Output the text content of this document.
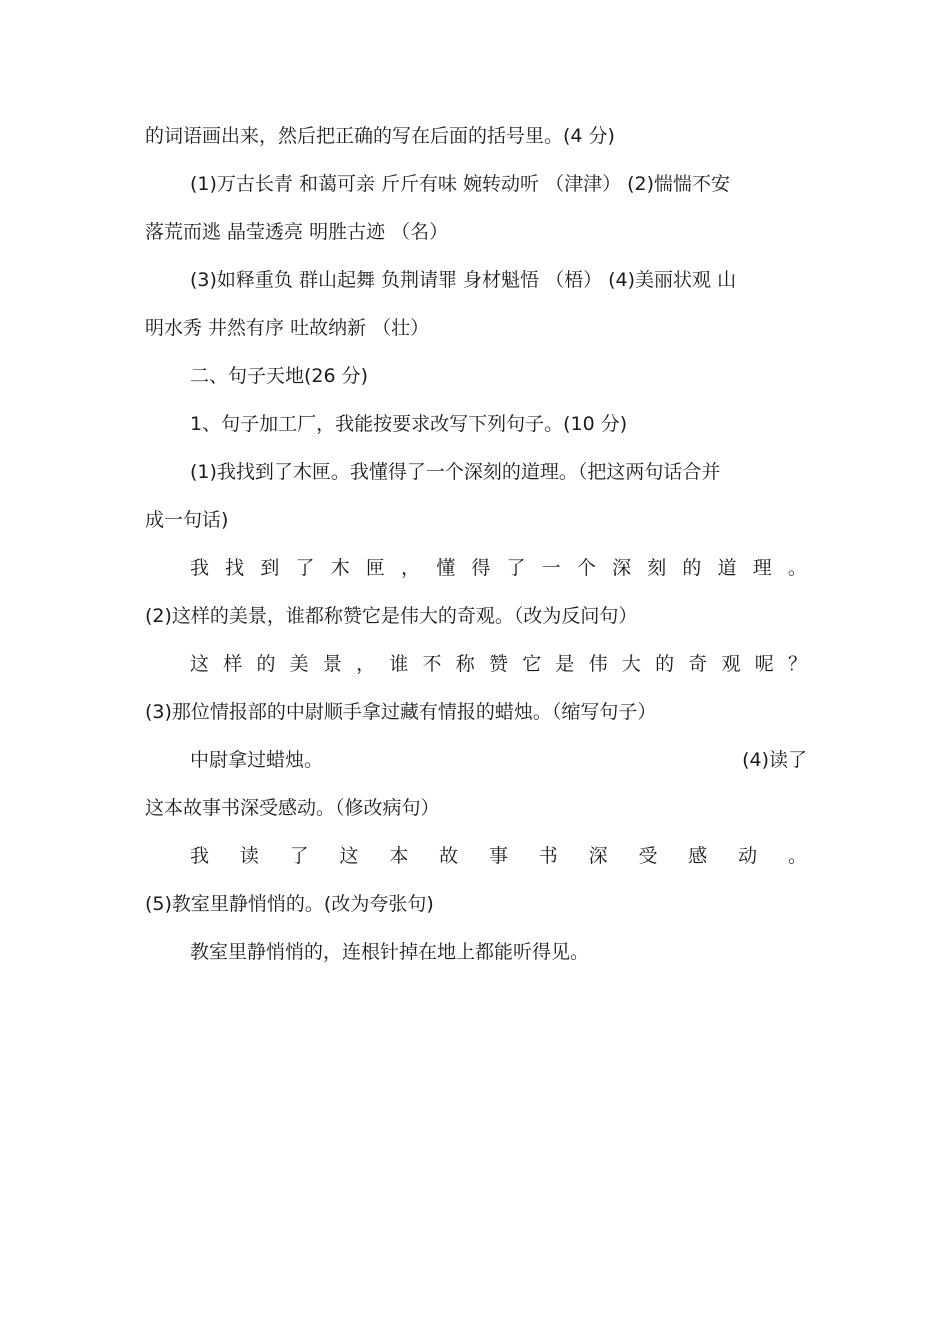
的词语画出来，然后把正确的写在后面的括号里。(4 分)
(1)万古长青 和蔼可亲 斤斤有味 婉转动听 （津津） (2)惴惴不安
落荒而逃 晶莹透亮 明胜古迹 （名）
(3)如释重负 群山起舞 负荆请罪 身材魁悟 （梧） (4)美丽状观 山
明水秀 井然有序 吐故纳新 （壮）
二、句子天地(26 分)
1、句子加工厂，我能按要求改写下列句子。(10 分)
(1)我找到了木匣。我懂得了一个深刻的道理。（把这两句话合并
成一句话)
我 找 到 了 木 匣 ， 懂 得 了 一 个 深 刻 的 道 理 。
(2)这样的美景，谁都称赞它是伟大的奇观。（改为反问句）
这 样 的 美 景 ， 谁 不 称 赞 它 是 伟 大 的 奇 观 呢 ？
(3)那位情报部的中尉顺手拿过藏有情报的蜡烛。（缩写句子）
中尉拿过蜡烛。	(4)读了
这本故事书深受感动。（修改病句）
我 读 了 这 本 故 事 书 深 受 感 动 。
(5)教室里静悄悄的。(改为夸张句)
教室里静悄悄的，连根针掉在地上都能听得见。
